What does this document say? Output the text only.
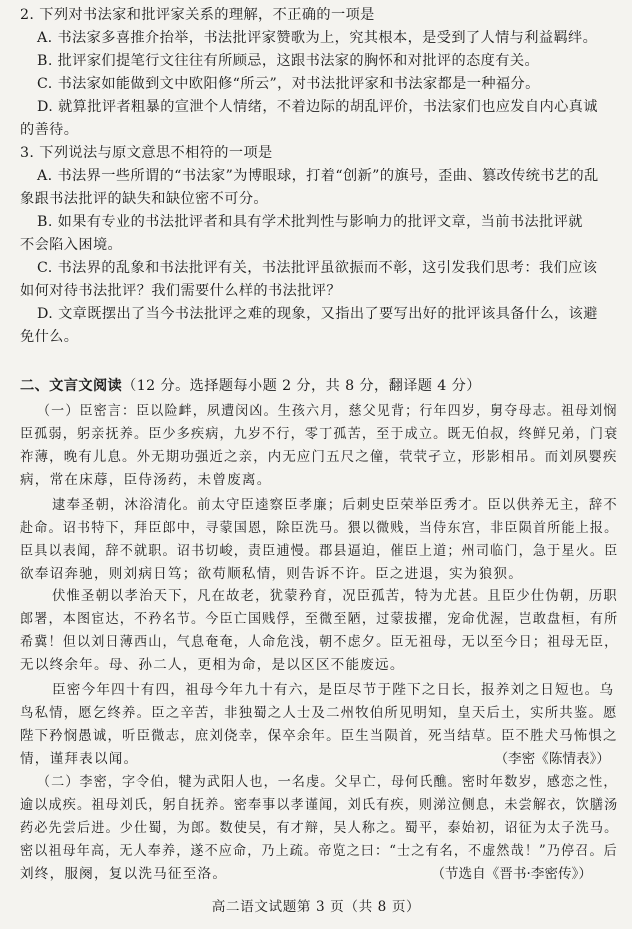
2. 下列对书法家和批评家关系的理解，不正确的一项是
A. 书法家多喜推介抬举，书法批评家赞歌为上，究其根本，是受到了人情与利益羁绊。
B. 批评家们提笔行文往往有所顾忌，这跟书法家的胸怀和对批评的态度有关。
C. 书法家如能做到文中欧阳修“所云”，对书法批评家和书法家都是一种福分。
D. 就算批评者粗暴的宣泄个人情绪，不着边际的胡乱评价，书法家们也应发自内心真诚
的善待。
3. 下列说法与原文意思不相符的一项是
A. 书法界一些所谓的“书法家”为博眼球，打着“创新”的旗号，歪曲、篡改传统书艺的乱
象跟书法批评的缺失和缺位密不可分。
B. 如果有专业的书法批评者和具有学术批判性与影响力的批评文章，当前书法批评就
不会陷入困境。
C. 书法界的乱象和书法批评有关，书法批评虽欲振而不彰，这引发我们思考：我们应该
如何对待书法批评？我们需要什么样的书法批评？
D. 文章既摆出了当今书法批评之难的现象，又指出了要写出好的批评该具备什么，该避
免什么。
二、文言文阅读（12 分。选择题每小题 2 分，共 8 分，翻译题 4 分）
（一）臣密言：臣以险衅，夙遭闵凶。生孩六月，慈父见背；行年四岁，舅夺母志。祖母刘悯
臣孤弱，躬亲抚养。臣少多疾病，九岁不行，零丁孤苦，至于成立。既无伯叔，终鲜兄弟，门衰
祚薄，晚有儿息。外无期功强近之亲，内无应门五尺之僮，茕茕孑立，形影相吊。而刘夙婴疾
病，常在床蓐，臣侍汤药，未曾废离。
逮奉圣朝，沐浴清化。前太守臣逵察臣孝廉；后刺史臣荣举臣秀才。臣以供养无主，辞不
赴命。诏书特下，拜臣郎中，寻蒙国恩，除臣洗马。猥以微贱，当侍东宫，非臣陨首所能上报。
臣具以表闻，辞不就职。诏书切峻，责臣逋慢。郡县逼迫，催臣上道；州司临门，急于星火。臣
欲奉诏奔驰，则刘病日笃；欲苟顺私情，则告诉不许。臣之进退，实为狼狈。
伏惟圣朝以孝治天下，凡在故老，犹蒙矜育，况臣孤苦，特为尤甚。且臣少仕伪朝，历职
郎署，本图宦达，不矜名节。今臣亡国贱俘，至微至陋，过蒙拔擢，宠命优渥，岂敢盘桓，有所
希冀！但以刘日薄西山，气息奄奄，人命危浅，朝不虑夕。臣无祖母，无以至今日；祖母无臣，
无以终余年。母、孙二人，更相为命，是以区区不能废远。
臣密今年四十有四，祖母今年九十有六，是臣尽节于陛下之日长，报养刘之日短也。乌
鸟私情，愿乞终养。臣之辛苦，非独蜀之人士及二州牧伯所见明知，皇天后土，实所共鉴。愿
陛下矜悯愚诚，听臣微志，庶刘侥幸，保卒余年。臣生当陨首，死当结草。臣不胜犬马怖惧之
情，谨拜表以闻。	（李密《陈情表》）
（二）李密，字令伯，犍为武阳人也，一名虔。父早亡，母何氏醮。密时年数岁，感恋之性，
逾以成疾。祖母刘氏，躬自抚养。密奉事以孝谨闻，刘氏有疾，则涕泣侧息，未尝解衣，饮膳汤
药必先尝后进。少仕蜀，为郎。数使吴，有才辩，吴人称之。蜀平，泰始初，诏征为太子洗马。
密以祖母年高，无人奉养，遂不应命，乃上疏。帝览之曰：“士之有名，不虚然哉！”乃停召。后
刘终，服阕，复以洗马征至洛。	（节选自《晋书·李密传》）
高二语文试题第 3 页（共 8 页）
